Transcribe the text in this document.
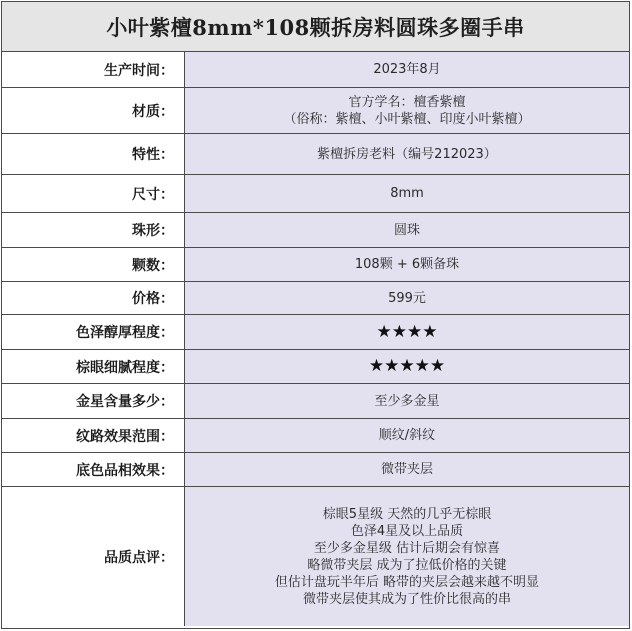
小叶紫檀8mm*108颗拆房料圆珠多圈手串
生产时间：	2023年8月
材质：
官方学名：檀香紫檀
（俗称：紫檀、小叶紫檀、印度小叶紫檀）
特性：	紫檀拆房老料（编号212023）
尺寸：	8mm
珠形：	圆珠
颗数：	108颗 + 6颗备珠
价格：	599元
色泽醇厚程度：	★★★★
棕眼细腻程度：	★★★★★
金星含量多少：	至少多金星
纹路效果范围：	顺纹/斜纹
底色品相效果：	微带夹层
品质点评：
棕眼5星级 天然的几乎无棕眼
色泽4星及以上品质
至少多金星级 估计后期会有惊喜
略微带夹层 成为了拉低价格的关键
但估计盘玩半年后 略带的夹层会越来越不明显
微带夹层使其成为了性价比很高的串
